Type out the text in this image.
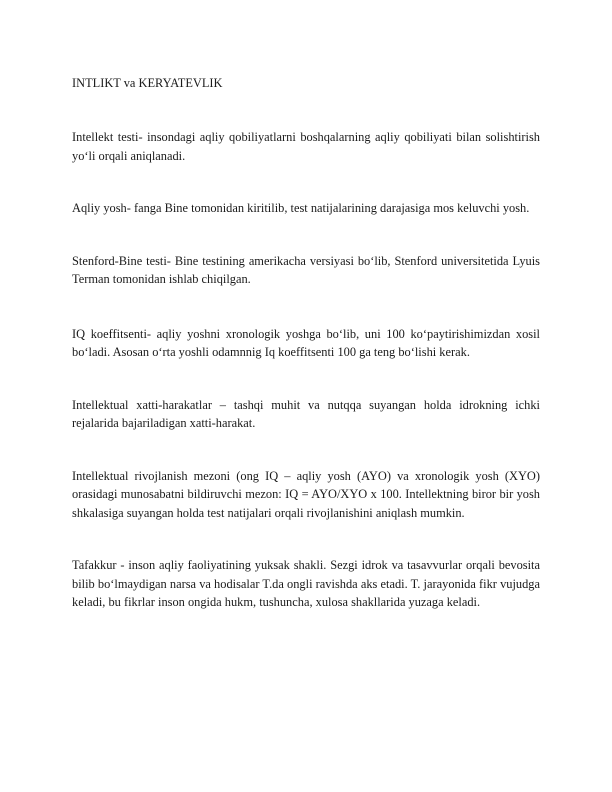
INTLIKT va KERYATEVLIK

Intellekt testi- insondagi aqliy qobiliyatlarni boshqalarning aqliy qobiliyati bilan solishtirish yo‘li orqali aniqlanadi.

Aqliy yosh- fanga Bine tomonidan kiritilib, test natijalarining darajasiga mos keluvchi yosh.

Stenford-Bine testi- Bine testining amerikacha versiyasi bo‘lib, Stenford universitetida Lyuis Terman tomonidan ishlab chiqilgan.

IQ koeffitsenti- aqliy yoshni xronologik yoshga bo‘lib, uni 100 ko‘paytirishimizdan xosil bo‘ladi. Asosan o‘rta yoshli odamnnig Iq koeffitsenti 100 ga teng bo‘lishi kerak.

Intellektual xatti-harakatlar – tashqi muhit va nutqqa suyangan holda idrokning ichki rejalarida bajariladigan xatti-harakat.

Intellektual rivojlanish mezoni (ong IQ – aqliy yosh (AYO) va xronologik yosh (XYO) orasidagi munosabatni bildiruvchi mezon: IQ = AYO/XYO x 100. Intellektning biror bir yosh shkalasiga suyangan holda test natijalari orqali rivojlanishini aniqlash mumkin.

Tafakkur - inson aqliy faoliyatining yuksak shakli. Sezgi idrok va tasavvurlar orqali bevosita bilib bo‘lmaydigan narsa va hodisalar T.da ongli ravishda aks etadi. T. jarayonida fikr vujudga keladi, bu fikrlar inson ongida hukm, tushuncha, xulosa shakllarida yuzaga keladi.
